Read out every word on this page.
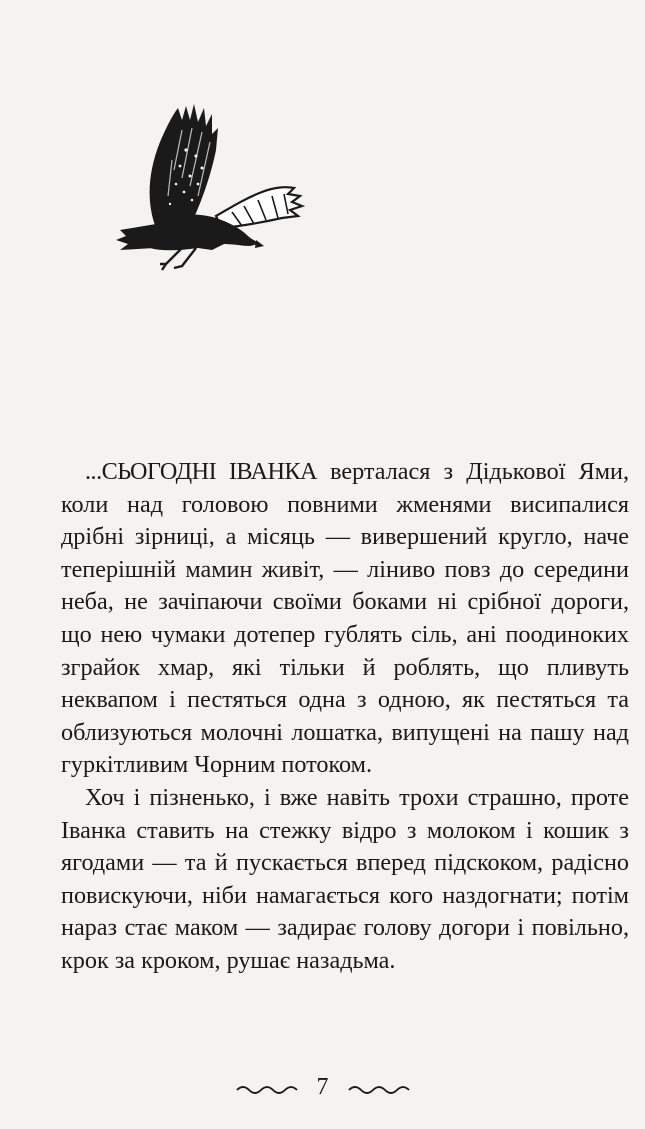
...СЬОГОДНІ ІВАНКА верталася з Дідькової Ями, коли над головою повними жменями висипалися дрібні зірниці, а місяць — вивершений кругло, наче теперішній мамин живіт, — ліниво повз до середини неба, не зачіпаючи своїми боками ні срібної дороги, що нею чумаки дотепер гублять сіль, ані поодиноких зграйок хмар, які тільки й роблять, що пливуть неквапом і пестяться одна з одною, як пестяться та облизуються молочні лошатка, випущені на пашу над гуркітливим Чорним потоком.

Хоч і пізненько, і вже навіть трохи страшно, проте Іванка ставить на стежку відро з молоком і кошик з ягодами — та й пускається вперед підскоком, радісно повискуючи, ніби намагається кого наздогнати; потім нараз стає маком — задирає голову догори і повільно, крок за кроком, рушає назадьма.

7
